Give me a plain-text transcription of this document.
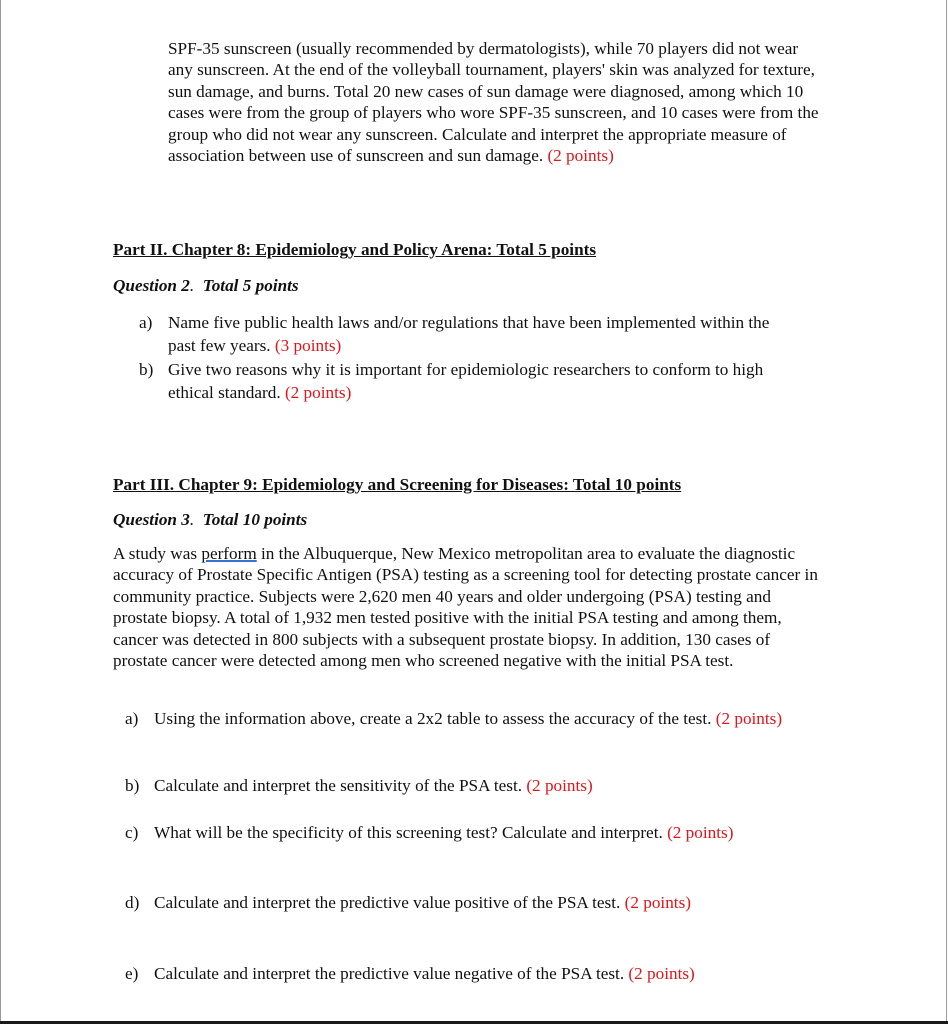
SPF-35 sunscreen (usually recommended by dermatologists), while 70 players did not wear
any sunscreen. At the end of the volleyball tournament, players' skin was analyzed for texture,
sun damage, and burns. Total 20 new cases of sun damage were diagnosed, among which 10
cases were from the group of players who wore SPF-35 sunscreen, and 10 cases were from the
group who did not wear any sunscreen. Calculate and interpret the appropriate measure of
association between use of sunscreen and sun damage. (2 points)

Part II. Chapter 8: Epidemiology and Policy Arena: Total 5 points

Question 2.  Total 5 points

a) Name five public health laws and/or regulations that have been implemented within the
past few years. (3 points)
b) Give two reasons why it is important for epidemiologic researchers to conform to high
ethical standard. (2 points)

Part III. Chapter 9: Epidemiology and Screening for Diseases: Total 10 points

Question 3.  Total 10 points

A study was perform in the Albuquerque, New Mexico metropolitan area to evaluate the diagnostic
accuracy of Prostate Specific Antigen (PSA) testing as a screening tool for detecting prostate cancer in
community practice. Subjects were 2,620 men 40 years and older undergoing (PSA) testing and
prostate biopsy. A total of 1,932 men tested positive with the initial PSA testing and among them,
cancer was detected in 800 subjects with a subsequent prostate biopsy. In addition, 130 cases of
prostate cancer were detected among men who screened negative with the initial PSA test.
a) Using the information above, create a 2x2 table to assess the accuracy of the test. (2 points)
b) Calculate and interpret the sensitivity of the PSA test. (2 points)
c) What will be the specificity of this screening test? Calculate and interpret. (2 points)
d) Calculate and interpret the predictive value positive of the PSA test. (2 points)
e) Calculate and interpret the predictive value negative of the PSA test. (2 points)
